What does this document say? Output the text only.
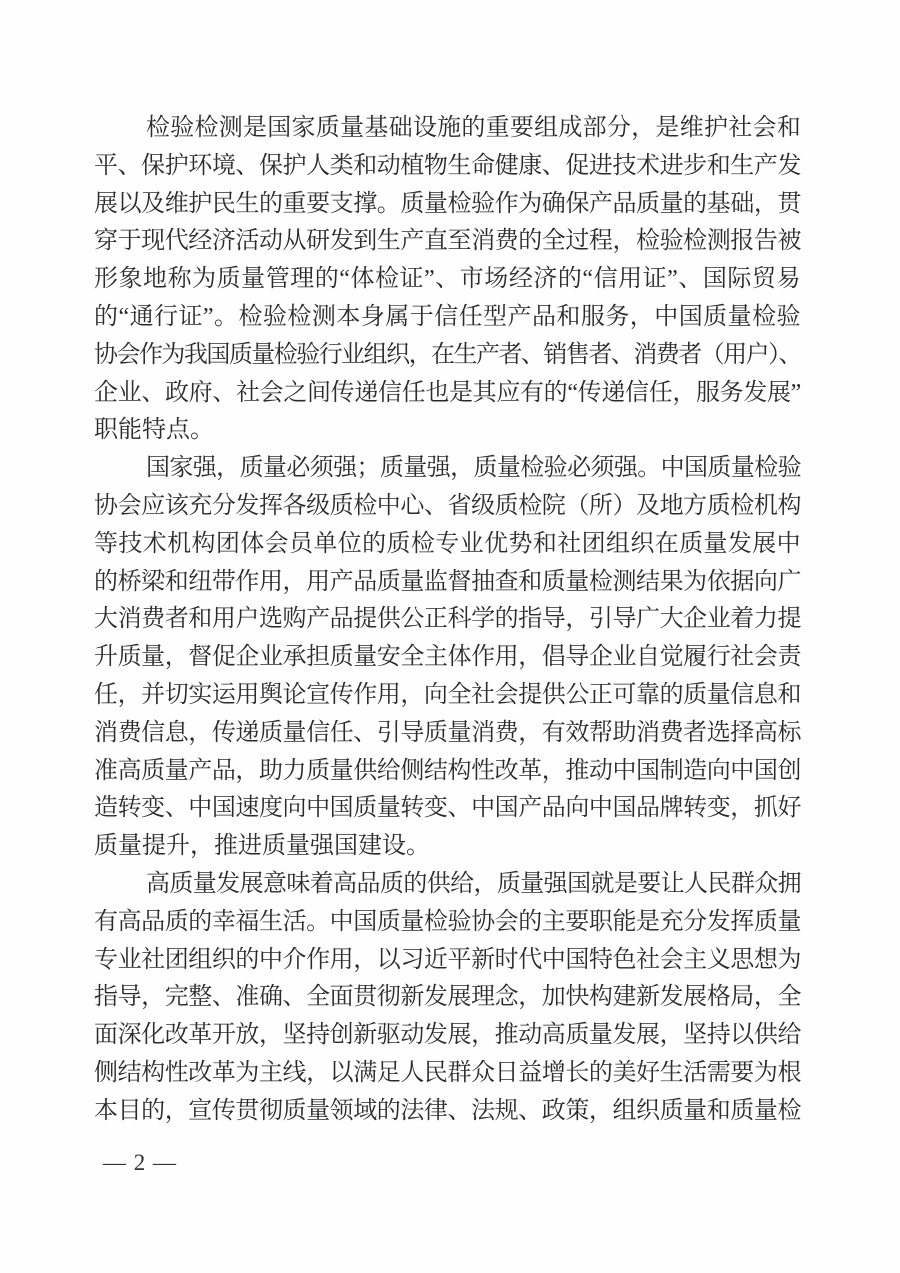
检验检测是国家质量基础设施的重要组成部分，是维护社会和
平、保护环境、保护人类和动植物生命健康、促进技术进步和生产发
展以及维护民生的重要支撑。质量检验作为确保产品质量的基础，贯
穿于现代经济活动从研发到生产直至消费的全过程，检验检测报告被
形象地称为质量管理的“体检证”、市场经济的“信用证”、国际贸易
的“通行证”。检验检测本身属于信任型产品和服务，中国质量检验
协会作为我国质量检验行业组织，在生产者、销售者、消费者（用户）、
企业、政府、社会之间传递信任也是其应有的“传递信任，服务发展”
职能特点。
国家强，质量必须强；质量强，质量检验必须强。中国质量检验
协会应该充分发挥各级质检中心、省级质检院（所）及地方质检机构
等技术机构团体会员单位的质检专业优势和社团组织在质量发展中
的桥梁和纽带作用，用产品质量监督抽查和质量检测结果为依据向广
大消费者和用户选购产品提供公正科学的指导，引导广大企业着力提
升质量，督促企业承担质量安全主体作用，倡导企业自觉履行社会责
任，并切实运用舆论宣传作用，向全社会提供公正可靠的质量信息和
消费信息，传递质量信任、引导质量消费，有效帮助消费者选择高标
准高质量产品，助力质量供给侧结构性改革，推动中国制造向中国创
造转变、中国速度向中国质量转变、中国产品向中国品牌转变，抓好
质量提升，推进质量强国建设。
高质量发展意味着高品质的供给，质量强国就是要让人民群众拥
有高品质的幸福生活。中国质量检验协会的主要职能是充分发挥质量
专业社团组织的中介作用，以习近平新时代中国特色社会主义思想为
指导，完整、准确、全面贯彻新发展理念，加快构建新发展格局，全
面深化改革开放，坚持创新驱动发展，推动高质量发展，坚持以供给
侧结构性改革为主线，以满足人民群众日益增长的美好生活需要为根
本目的，宣传贯彻质量领域的法律、法规、政策，组织质量和质量检
— 2 —
